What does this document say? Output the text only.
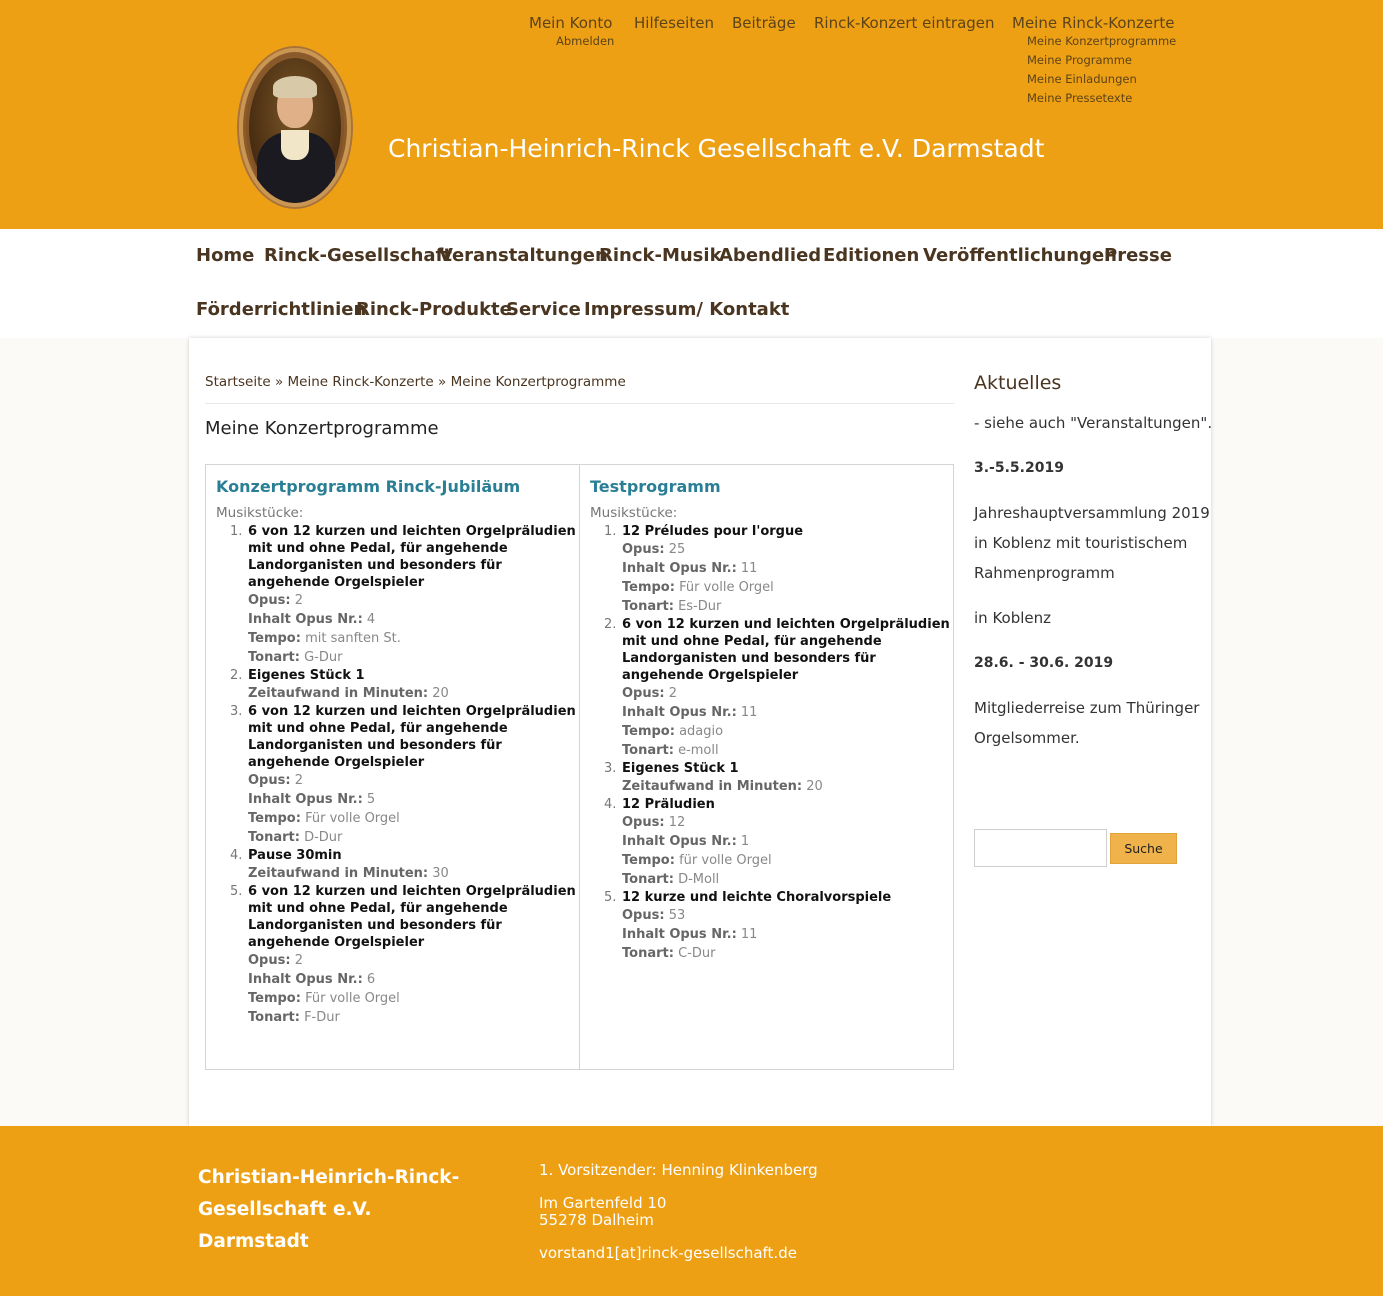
Mein Konto
Abmelden
Hilfeseiten Beiträge Rinck-Konzert eintragen Meine Rinck-Konzerte
Meine Konzertprogramme
Meine Programme
Meine Einladungen
Meine Pressetexte
Christian-Heinrich-Rinck Gesellschaft e.V. Darmstadt
Home Rinck-Gesellschaft
Veranstaltungen
Rinck-Musik
Abendlied Editionen Veröffentlichungen
Presse
Förderrichtlinien
Rinck-Produkte
Service Impressum/ Kontakt
Startseite » Meine Rinck-Konzerte » Meine Konzertprogramme
Meine Konzertprogramme
Konzertprogramm Rinck-Jubiläum
Musikstücke:
1. 6 von 12 kurzen und leichten Orgelpräludien
mit und ohne Pedal, für angehende
Landorganisten und besonders für
angehende Orgelspieler
Opus: 2
Inhalt Opus Nr.: 4
Tempo: mit sanften St.
Tonart: G-Dur
2. Eigenes Stück 1
Zeitaufwand in Minuten: 20
3. 6 von 12 kurzen und leichten Orgelpräludien
mit und ohne Pedal, für angehende
Landorganisten und besonders für
angehende Orgelspieler
Opus: 2
Inhalt Opus Nr.: 5
Tempo: Für volle Orgel
Tonart: D-Dur
4. Pause 30min
Zeitaufwand in Minuten: 30
5. 6 von 12 kurzen und leichten Orgelpräludien
mit und ohne Pedal, für angehende
Landorganisten und besonders für
angehende Orgelspieler
Opus: 2
Inhalt Opus Nr.: 6
Tempo: Für volle Orgel
Tonart: F-Dur
Testprogramm
Musikstücke:
1. 12 Préludes pour l'orgue
Opus: 25
Inhalt Opus Nr.: 11
Tempo: Für volle Orgel
Tonart: Es-Dur
2. 6 von 12 kurzen und leichten Orgelpräludien
mit und ohne Pedal, für angehende
Landorganisten und besonders für
angehende Orgelspieler
Opus: 2
Inhalt Opus Nr.: 11
Tempo: adagio
Tonart: e-moll
3. Eigenes Stück 1
Zeitaufwand in Minuten: 20
4. 12 Präludien
Opus: 12
Inhalt Opus Nr.: 1
Tempo: für volle Orgel
Tonart: D-Moll
5. 12 kurze und leichte Choralvorspiele
Opus: 53
Inhalt Opus Nr.: 11
Tonart: C-Dur
Aktuelles
- siehe auch "Veranstaltungen".
3.-5.5.2019
Jahreshauptversammlung 2019
in Koblenz mit touristischem
Rahmenprogramm
in Koblenz
28.6. - 30.6. 2019
Mitgliederreise zum Thüringer
Orgelsommer.
Suche
Christian-Heinrich-Rinck-
Gesellschaft e.V.
Darmstadt
1. Vorsitzender: Henning Klinkenberg
Im Gartenfeld 10
55278 Dalheim
vorstand1[at]rinck-gesellschaft.de
